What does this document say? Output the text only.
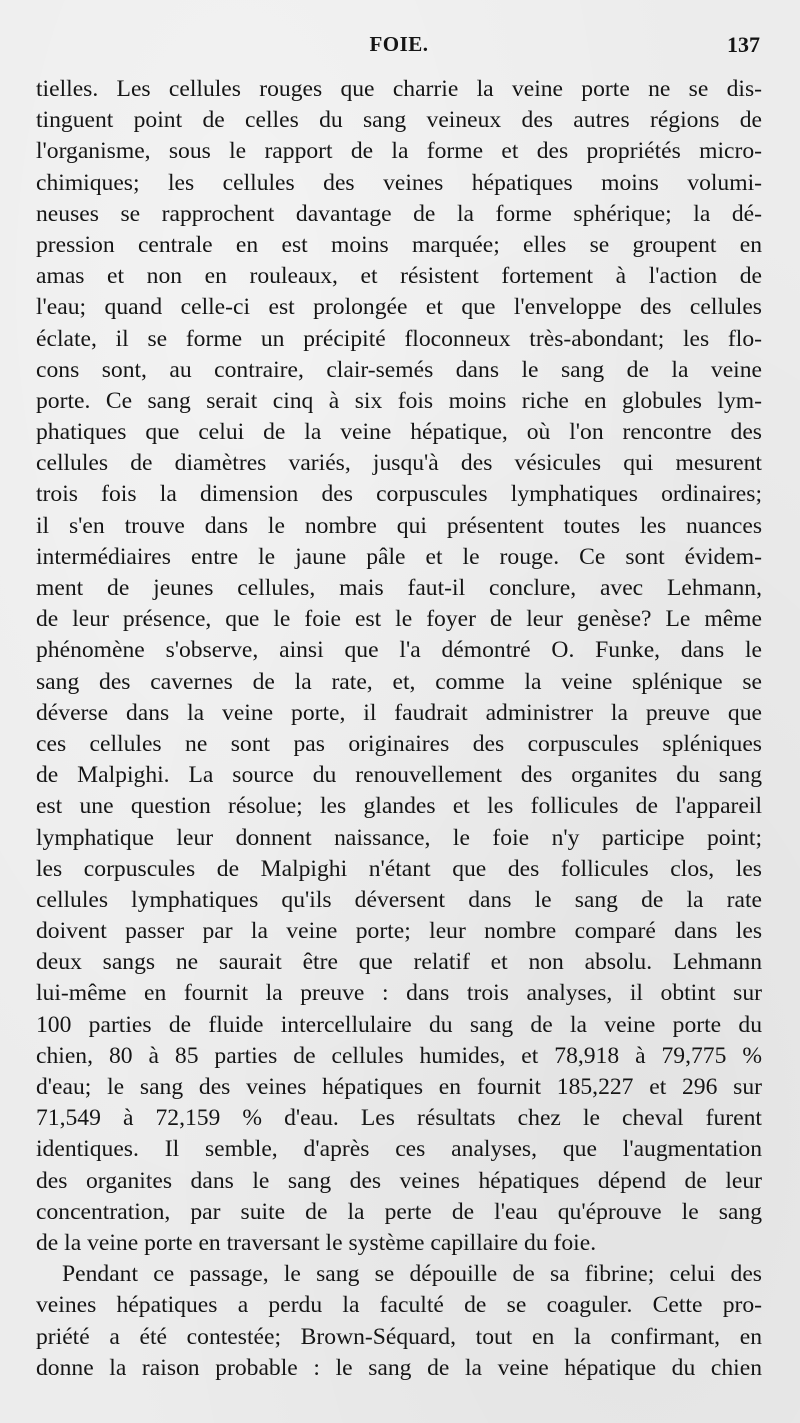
FOIE.	137
tielles. Les cellules rouges que charrie la veine porte ne se dis-
tinguent point de celles du sang veineux des autres régions de
l'organisme, sous le rapport de la forme et des propriétés micro-
chimiques; les cellules des veines hépatiques moins volumi-
neuses se rapprochent davantage de la forme sphérique; la dé-
pression centrale en est moins marquée; elles se groupent en
amas et non en rouleaux, et résistent fortement à l'action de
l'eau; quand celle-ci est prolongée et que l'enveloppe des cellules
éclate, il se forme un précipité floconneux très-abondant; les flo-
cons sont, au contraire, clair-semés dans le sang de la veine
porte. Ce sang serait cinq à six fois moins riche en globules lym-
phatiques que celui de la veine hépatique, où l'on rencontre des
cellules de diamètres variés, jusqu'à des vésicules qui mesurent
trois fois la dimension des corpuscules lymphatiques ordinaires;
il s'en trouve dans le nombre qui présentent toutes les nuances
intermédiaires entre le jaune pâle et le rouge. Ce sont évidem-
ment de jeunes cellules, mais faut-il conclure, avec Lehmann,
de leur présence, que le foie est le foyer de leur genèse? Le même
phénomène s'observe, ainsi que l'a démontré O. Funke, dans le
sang des cavernes de la rate, et, comme la veine splénique se
déverse dans la veine porte, il faudrait administrer la preuve que
ces cellules ne sont pas originaires des corpuscules spléniques
de Malpighi. La source du renouvellement des organites du sang
est une question résolue; les glandes et les follicules de l'appareil
lymphatique leur donnent naissance, le foie n'y participe point;
les corpuscules de Malpighi n'étant que des follicules clos, les
cellules lymphatiques qu'ils déversent dans le sang de la rate
doivent passer par la veine porte; leur nombre comparé dans les
deux sangs ne saurait être que relatif et non absolu. Lehmann
lui-même en fournit la preuve : dans trois analyses, il obtint sur
100 parties de fluide intercellulaire du sang de la veine porte du
chien, 80 à 85 parties de cellules humides, et 78,918 à 79,775 %
d'eau; le sang des veines hépatiques en fournit 185,227 et 296 sur
71,549 à 72,159 % d'eau. Les résultats chez le cheval furent
identiques. Il semble, d'après ces analyses, que l'augmentation
des organites dans le sang des veines hépatiques dépend de leur
concentration, par suite de la perte de l'eau qu'éprouve le sang
de la veine porte en traversant le système capillaire du foie.
Pendant ce passage, le sang se dépouille de sa fibrine; celui des
veines hépatiques a perdu la faculté de se coaguler. Cette pro-
priété a été contestée; Brown-Séquard, tout en la confirmant, en
donne la raison probable : le sang de la veine hépatique du chien
